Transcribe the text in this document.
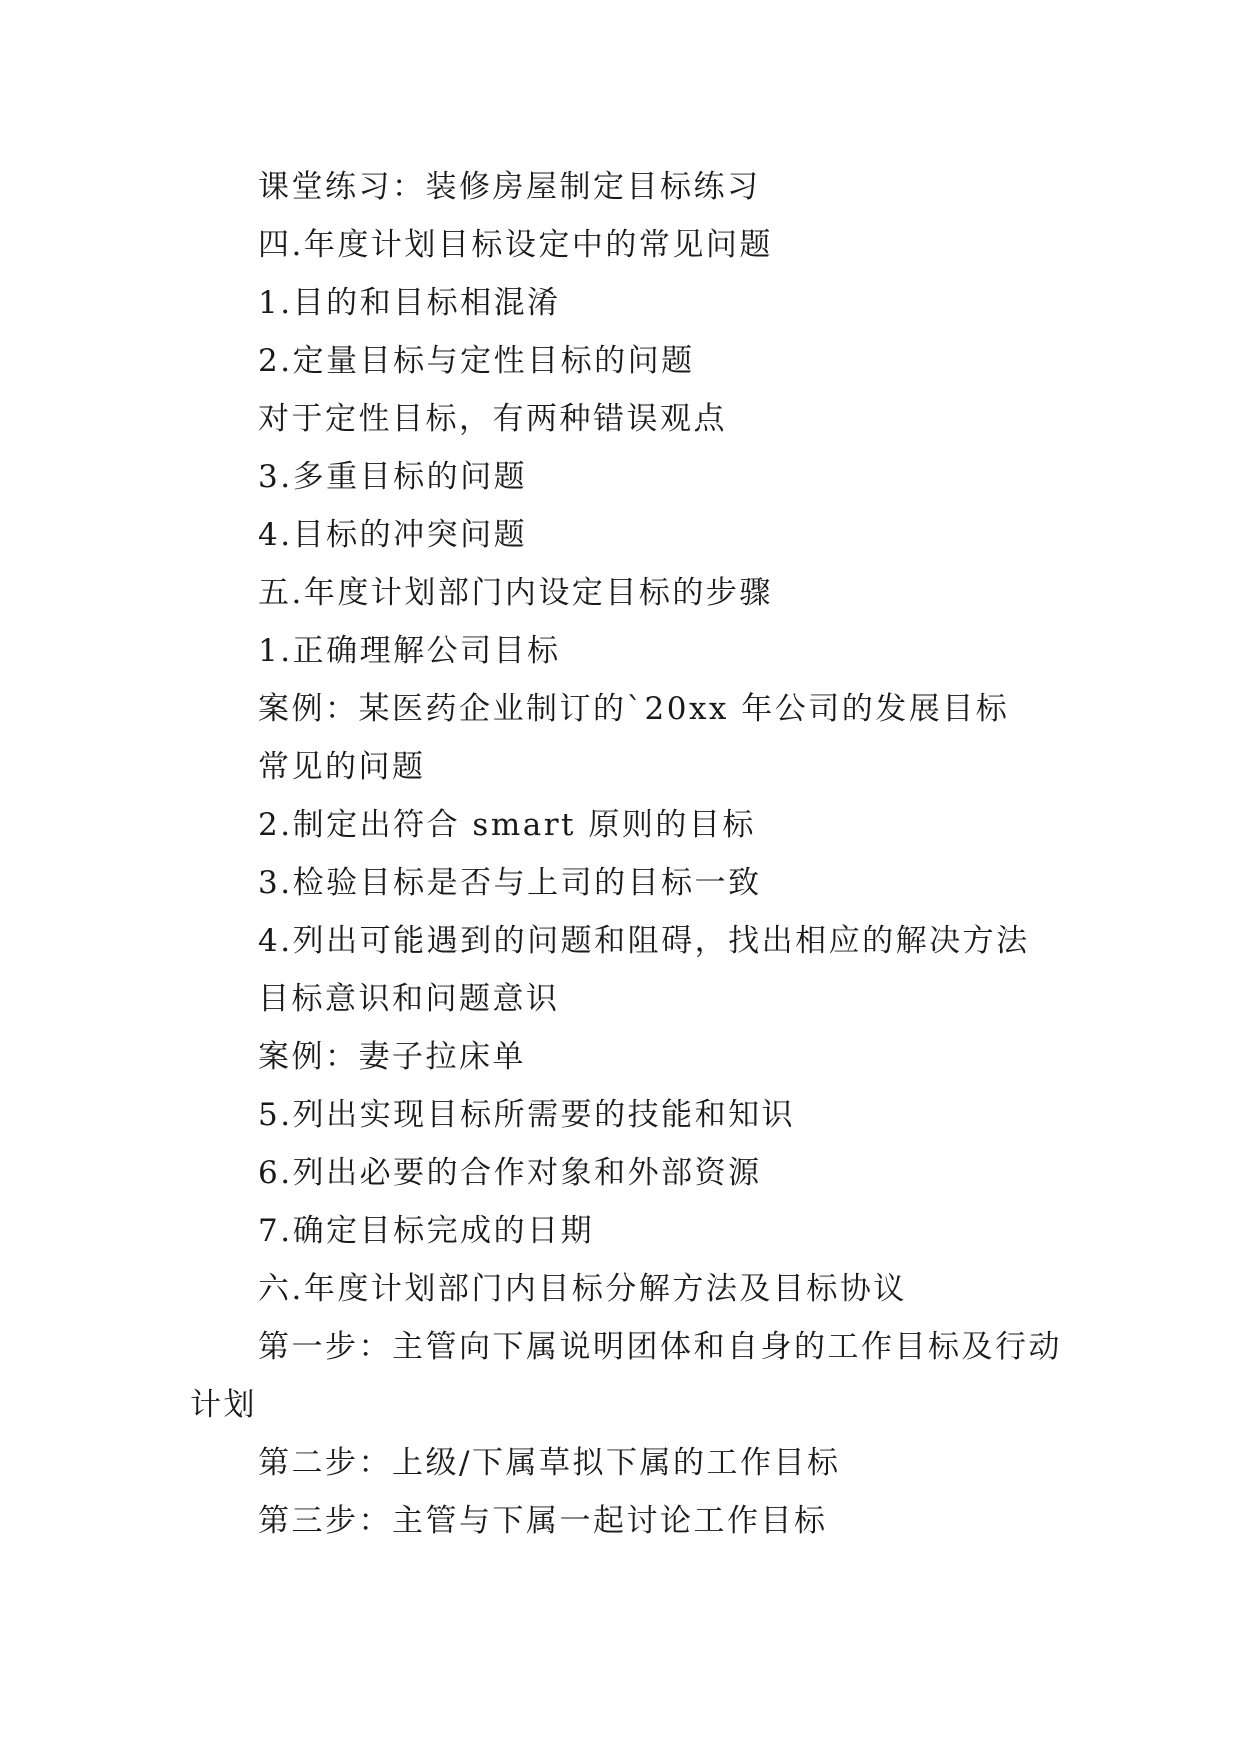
课堂练习：装修房屋制定目标练习
四.年度计划目标设定中的常见问题
1.目的和目标相混淆
2.定量目标与定性目标的问题
对于定性目标，有两种错误观点
3.多重目标的问题
4.目标的冲突问题
五.年度计划部门内设定目标的步骤
1.正确理解公司目标
案例：某医药企业制订的`20xx 年公司的发展目标
常见的问题
2.制定出符合 smart 原则的目标
3.检验目标是否与上司的目标一致
4.列出可能遇到的问题和阻碍，找出相应的解决方法
目标意识和问题意识
案例：妻子拉床单
5.列出实现目标所需要的技能和知识
6.列出必要的合作对象和外部资源
7.确定目标完成的日期
六.年度计划部门内目标分解方法及目标协议
第一步：主管向下属说明团体和自身的工作目标及行动
计划
第二步：上级/下属草拟下属的工作目标
第三步：主管与下属一起讨论工作目标
